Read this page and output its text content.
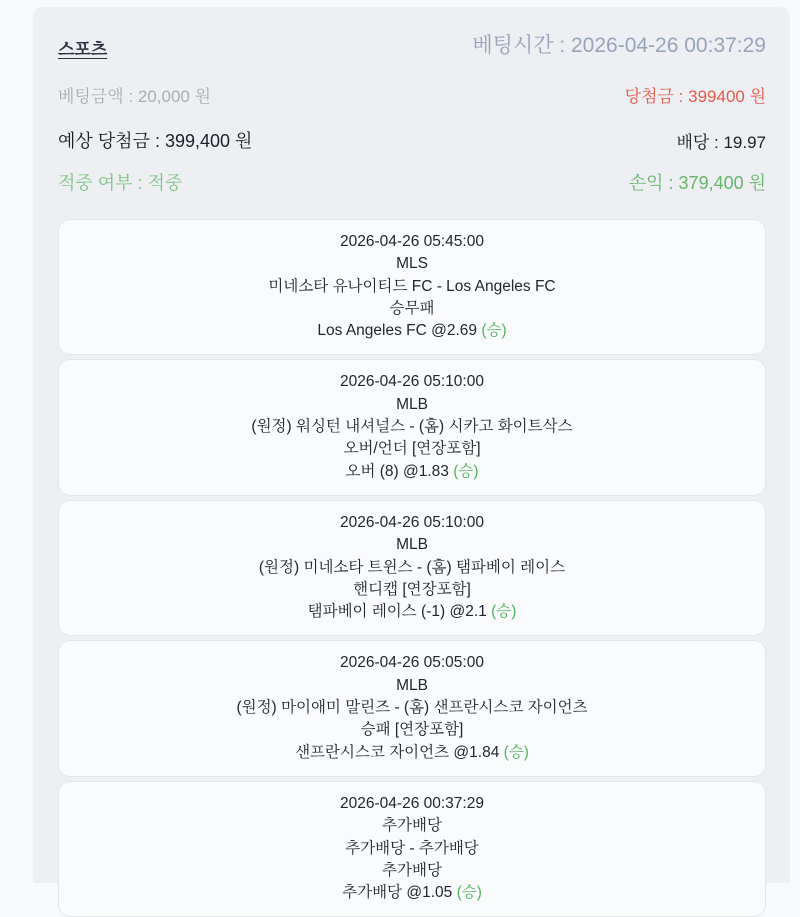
스포츠	베팅시간 : 2026-04-26 00:37:29
베팅금액 : 20,000 원	당첨금 : 399400 원
예상 당첨금 : 399,400 원	배당 : 19.97
적중 여부 : 적중	손익 : 379,400 원
2026-04-26 05:45:00
MLS
미네소타 유나이티드 FC - Los Angeles FC
승무패
Los Angeles FC @2.69 (승)
2026-04-26 05:10:00
MLB
(원정) 워싱턴 내셔널스 - (홈) 시카고 화이트삭스
오버/언더 [연장포함]
오버 (8) @1.83 (승)
2026-04-26 05:10:00
MLB
(원정) 미네소타 트윈스 - (홈) 탬파베이 레이스
핸디캡 [연장포함]
탬파베이 레이스 (-1) @2.1 (승)
2026-04-26 05:05:00
MLB
(원정) 마이애미 말린즈 - (홈) 샌프란시스코 자이언츠
승패 [연장포함]
샌프란시스코 자이언츠 @1.84 (승)
2026-04-26 00:37:29
추가배당
추가배당 - 추가배당
추가배당
추가배당 @1.05 (승)
